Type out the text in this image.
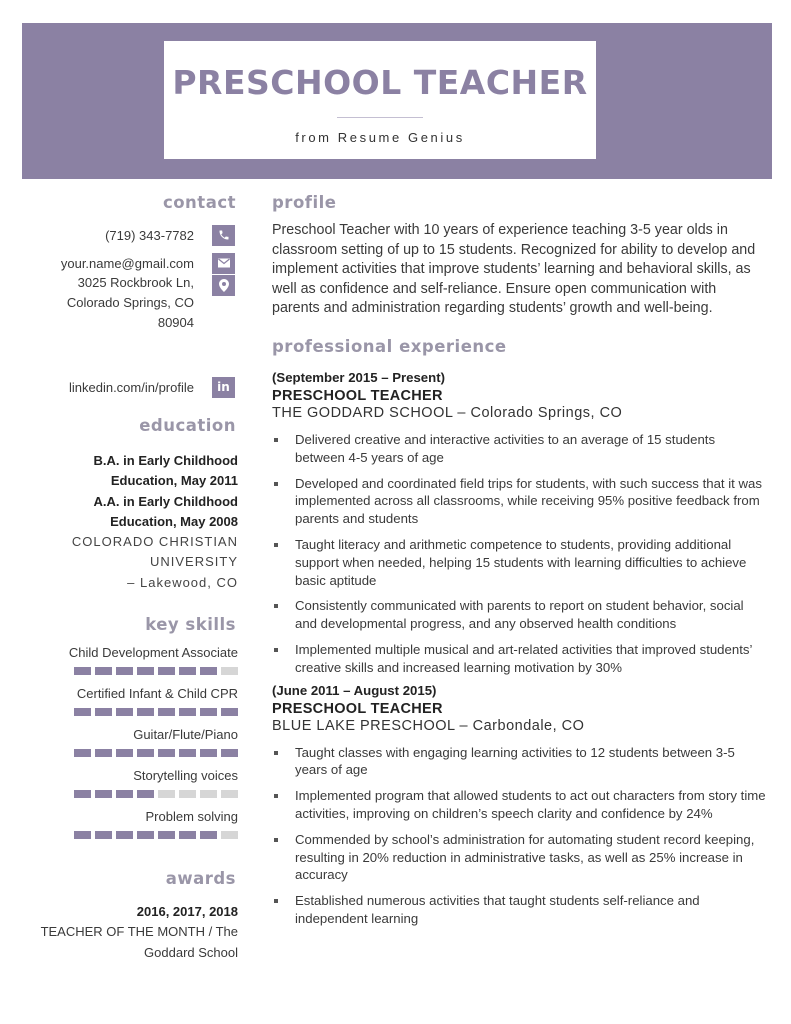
PRESCHOOL TEACHER
from Resume Genius
contact
(719) 343-7782
your.name@gmail.com
3025 Rockbrook Ln,
Colorado Springs, CO
80904
linkedin.com/in/profile	in
education

B.A. in Early Childhood

Education, May 2011

A.A. in Early Childhood

Education, May 2008

COLORADO CHRISTIAN

UNIVERSITY

– Lakewood, CO

key skills
Child Development Associate
Certified Infant & Child CPR
Guitar/Flute/Piano
Storytelling voices
Problem solving
awards

2016, 2017, 2018

TEACHER OF THE MONTH / The

Goddard School

profile

Preschool Teacher with 10 years of experience teaching 3-5 year olds in classroom setting of up to 15 students. Recognized for ability to develop and implement activities that improve students’ learning and behavioral skills, as well as confidence and self-reliance. Ensure open communication with parents and administration regarding students’ growth and well-being.

professional experience
(September 2015 – Present)
PRESCHOOL TEACHER
THE GODDARD SCHOOL – Colorado Springs, CO
Delivered creative and interactive activities to an average of 15 students between 4-5 years of age
Developed and coordinated field trips for students, with such success that it was implemented across all classrooms, while receiving 95% positive feedback from parents and students
Taught literacy and arithmetic competence to students, providing additional support when needed, helping 15 students with learning difficulties to achieve basic aptitude
Consistently communicated with parents to report on student behavior, social and developmental progress, and any observed health conditions
Implemented multiple musical and art-related activities that improved students’ creative skills and increased learning motivation by 30%
(June 2011 – August 2015)
PRESCHOOL TEACHER
BLUE LAKE PRESCHOOL – Carbondale, CO
Taught classes with engaging learning activities to 12 students between 3-5 years of age
Implemented program that allowed students to act out characters from story time activities, improving on children’s speech clarity and confidence by 24%
Commended by school’s administration for automating student record keeping, resulting in 20% reduction in administrative tasks, as well as 25% increase in accuracy
Established numerous activities that taught students self-reliance and independent learning
